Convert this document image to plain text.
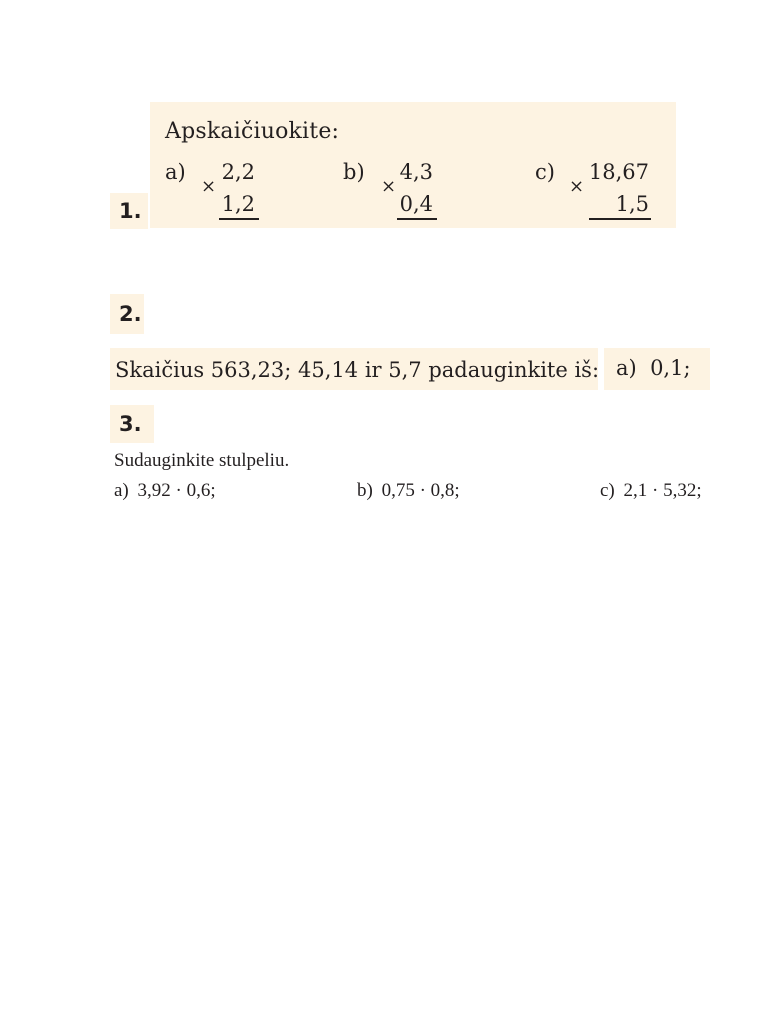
1.
Apskaičiuokite:
a)
×
2,2
1,2
b)
×
4,3
0,4
c)
×
18,67
1,5
2.
Skaičius 563,23; 45,14 ir 5,7 padauginkite iš: a)  0,1;
3.
Sudauginkite stulpeliu.
a) 3,92 · 0,6;	b) 0,75 · 0,8;	c) 2,1 · 5,32;
